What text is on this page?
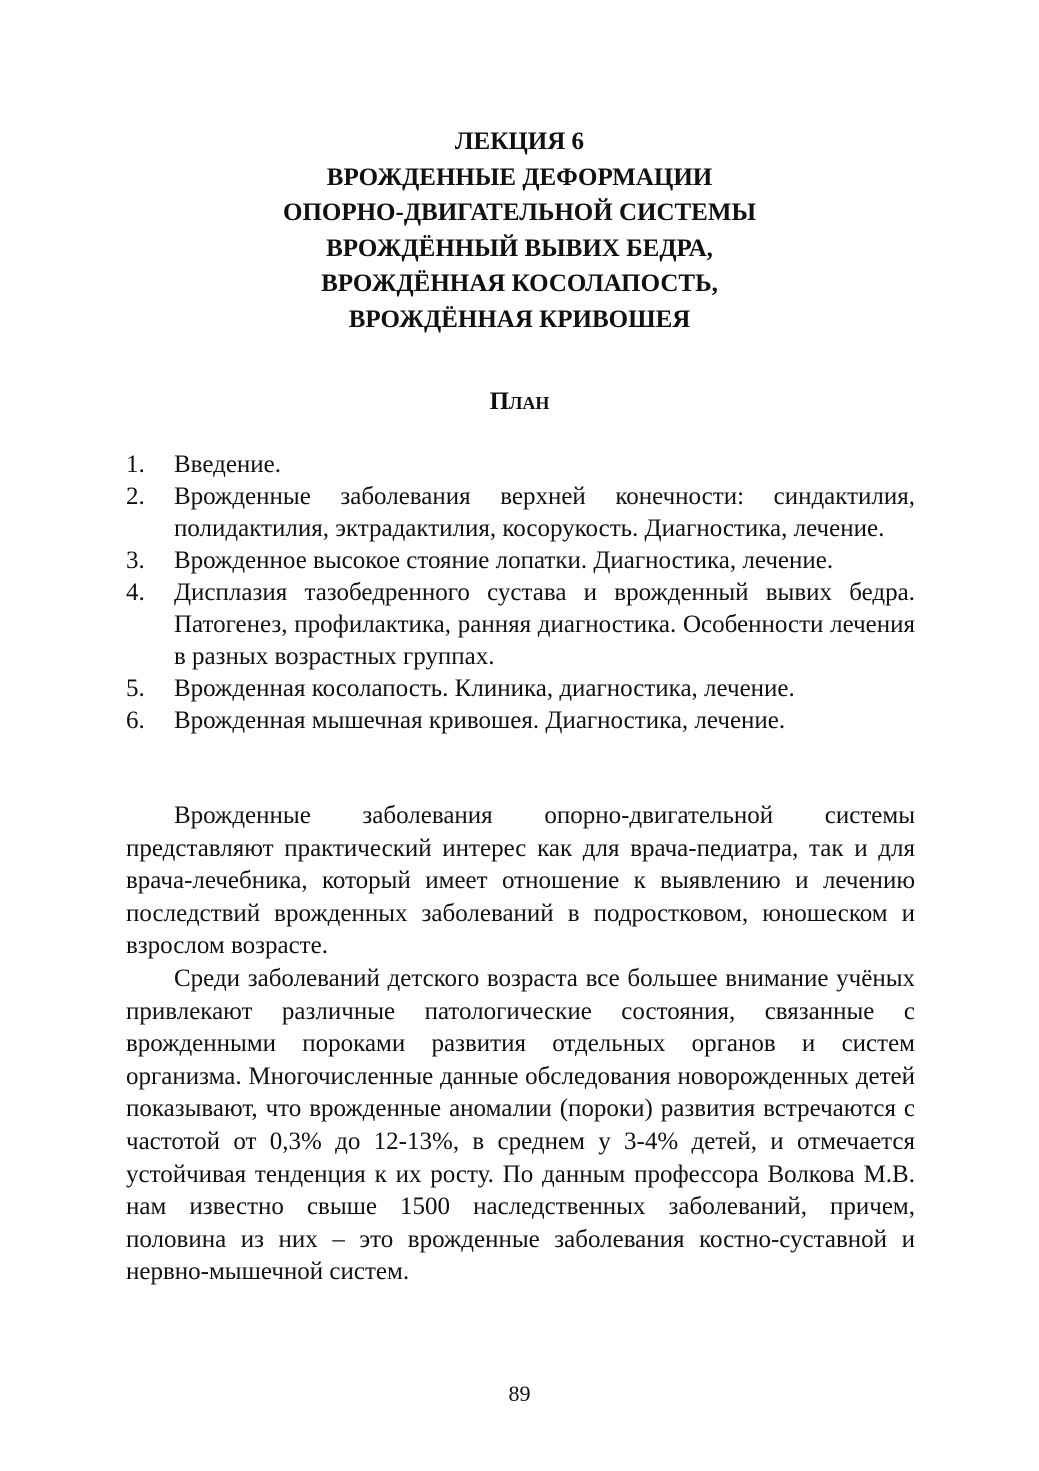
ЛЕКЦИЯ 6
ВРОЖДЕННЫЕ ДЕФОРМАЦИИ
ОПОРНО-ДВИГАТЕЛЬНОЙ СИСТЕМЫ
ВРОЖДЁННЫЙ ВЫВИХ БЕДРА,
ВРОЖДЁННАЯ КОСОЛАПОСТЬ,
ВРОЖДЁННАЯ КРИВОШЕЯ
План
1.	Введение.
2.	Врожденные заболевания верхней конечности: синдактилия, полидактилия, эктрадактилия, косорукость. Диагностика, лечение.
3.	Врожденное высокое стояние лопатки. Диагностика, лечение.
4.	Дисплазия тазобедренного сустава и врожденный вывих бедра. Патогенез, профилактика, ранняя диагностика. Особенности лечения в разных возрастных группах.
5.	Врожденная косолапость. Клиника, диагностика, лечение.
6.	Врожденная мышечная кривошея. Диагностика, лечение.

Врожденные заболевания опорно-двигательной системы представляют практический интерес как для врача-педиатра, так и для врача-лечебника, который имеет отношение к выявлению и лечению последствий врожденных заболеваний в подростковом, юношеском и взрослом возрасте.

Среди заболеваний детского возраста все большее внимание учёных привлекают различные патологические состояния, связанные с врожденными пороками развития отдельных органов и систем организма. Многочисленные данные обследования новорожденных детей показывают, что врожденные аномалии (пороки) развития встречаются с частотой от 0,3% до 12-13%, в среднем у 3-4% детей, и отмечается устойчивая тенденция к их росту. По данным профессора Волкова М.В. нам известно свыше 1500 наследственных заболеваний, причем, половина из них – это врожденные заболевания костно-суставной и нервно-мышечной систем.

89
